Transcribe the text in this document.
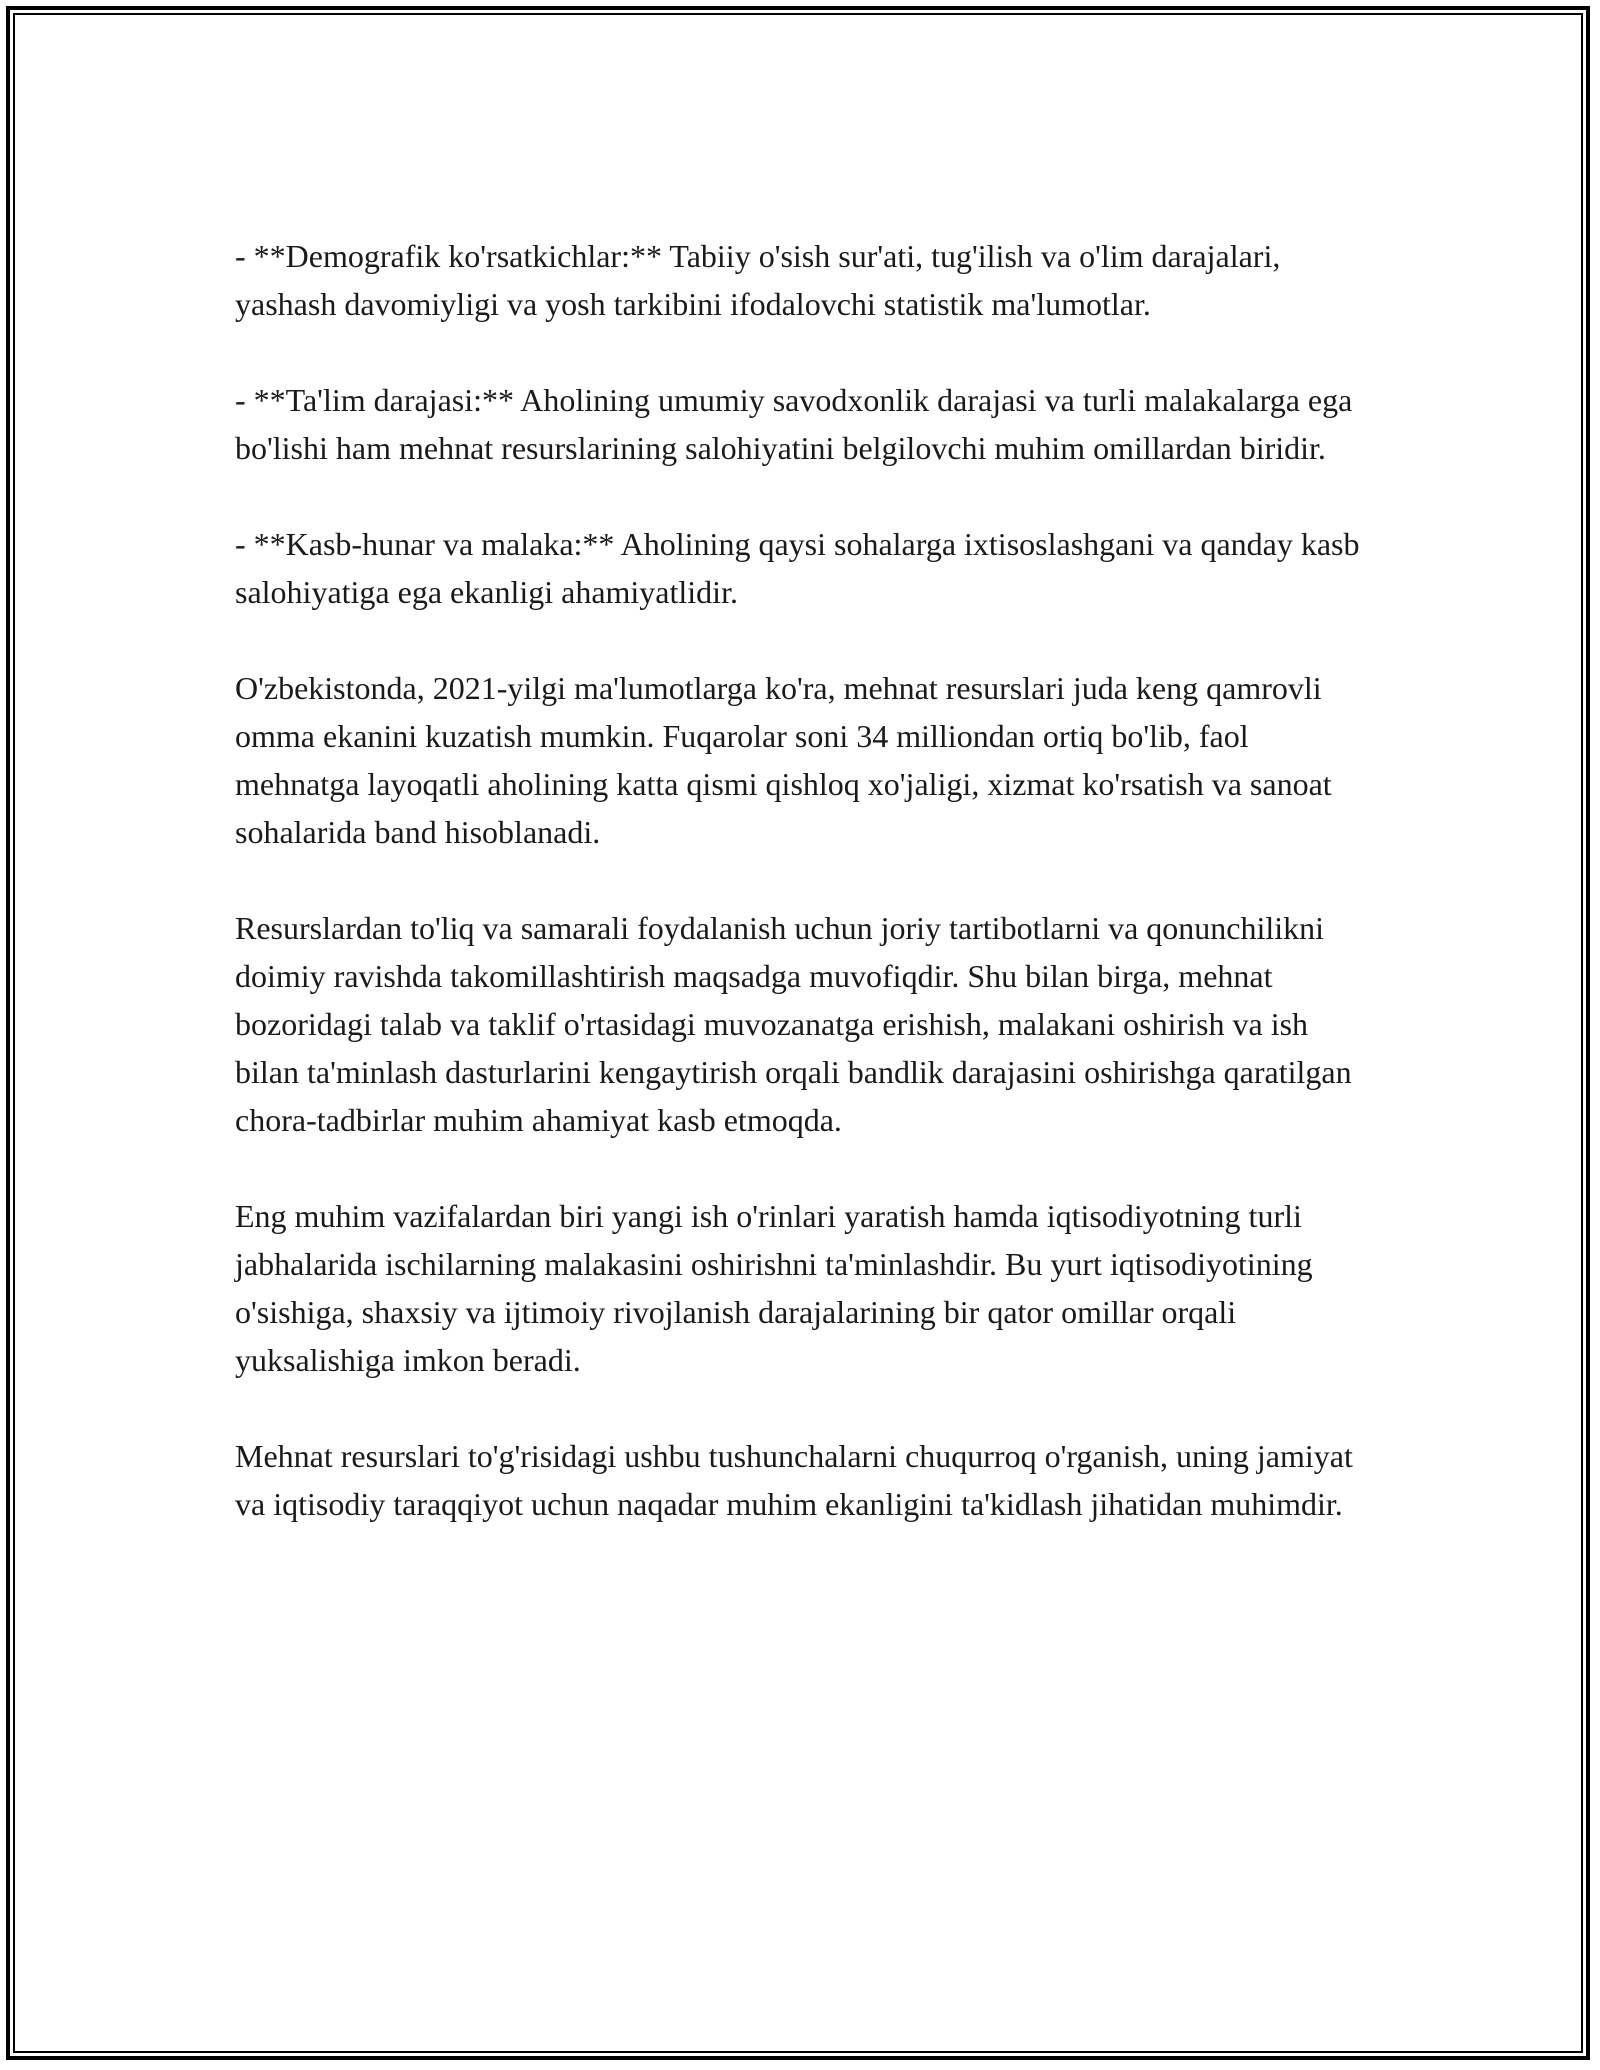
- **Demografik ko'rsatkichlar:** Tabiiy o'sish sur'ati, tug'ilish va o'lim darajalari, yashash davomiyligi va yosh tarkibini ifodalovchi statistik ma'lumotlar.

- **Ta'lim darajasi:** Aholining umumiy savodxonlik darajasi va turli malakalarga ega bo'lishi ham mehnat resurslarining salohiyatini belgilovchi muhim omillardan biridir.

- **Kasb-hunar va malaka:** Aholining qaysi sohalarga ixtisoslashgani va qanday kasb salohiyatiga ega ekanligi ahamiyatlidir.

O'zbekistonda, 2021-yilgi ma'lumotlarga ko'ra, mehnat resurslari juda keng qamrovli omma ekanini kuzatish mumkin. Fuqarolar soni 34 milliondan ortiq bo'lib, faol mehnatga layoqatli aholining katta qismi qishloq xo'jaligi, xizmat ko'rsatish va sanoat sohalarida band hisoblanadi.

Resurslardan to'liq va samarali foydalanish uchun joriy tartibotlarni va qonunchilikni doimiy ravishda takomillashtirish maqsadga muvofiqdir. Shu bilan birga, mehnat bozoridagi talab va taklif o'rtasidagi muvozanatga erishish, malakani oshirish va ish bilan ta'minlash dasturlarini kengaytirish orqali bandlik darajasini oshirishga qaratilgan chora-tadbirlar muhim ahamiyat kasb etmoqda.

Eng muhim vazifalardan biri yangi ish o'rinlari yaratish hamda iqtisodiyotning turli jabhalarida ischilarning malakasini oshirishni ta'minlashdir. Bu yurt iqtisodiyotining o'sishiga, shaxsiy va ijtimoiy rivojlanish darajalarining bir qator omillar orqali yuksalishiga imkon beradi.

Mehnat resurslari to'g'risidagi ushbu tushunchalarni chuqurroq o'rganish, uning jamiyat va iqtisodiy taraqqiyot uchun naqadar muhim ekanligini ta'kidlash jihatidan muhimdir.
